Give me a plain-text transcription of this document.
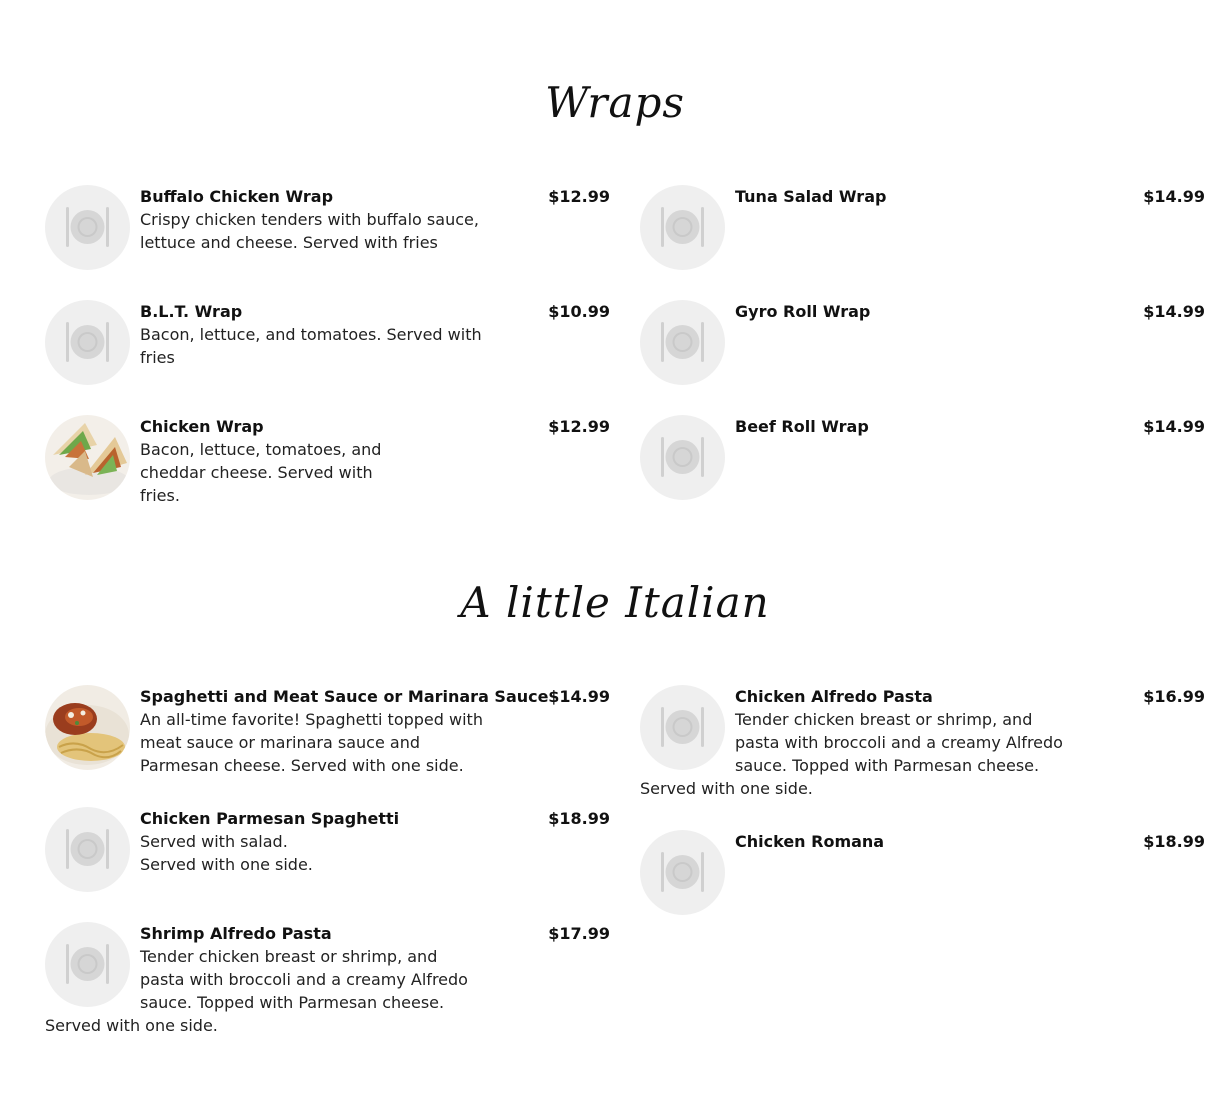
Wraps
Buffalo Chicken Wrap	$12.99
Crispy chicken tenders with buffalo sauce, lettuce and cheese. Served with fries
Tuna Salad Wrap	$14.99
B.L.T. Wrap	$10.99
Bacon, lettuce, and tomatoes. Served with fries
Gyro Roll Wrap	$14.99
Chicken Wrap	$12.99
Bacon, lettuce, tomatoes, and cheddar cheese. Served with fries.
Beef Roll Wrap	$14.99
A little Italian
Spaghetti and Meat Sauce or Marinara Sauce $14.99
An all-time favorite! Spaghetti topped with meat sauce or marinara sauce and Parmesan cheese. Served with one side.
Chicken Alfredo Pasta	$16.99
Tender chicken breast or shrimp, and pasta with broccoli and a creamy Alfredo sauce. Topped with Parmesan cheese. Served with one side.
Chicken Parmesan Spaghetti	$18.99
Served with salad.
Served with one side.
Chicken Romana	$18.99
Shrimp Alfredo Pasta	$17.99
Tender chicken breast or shrimp, and pasta with broccoli and a creamy Alfredo sauce. Topped with Parmesan cheese. Served with one side.
